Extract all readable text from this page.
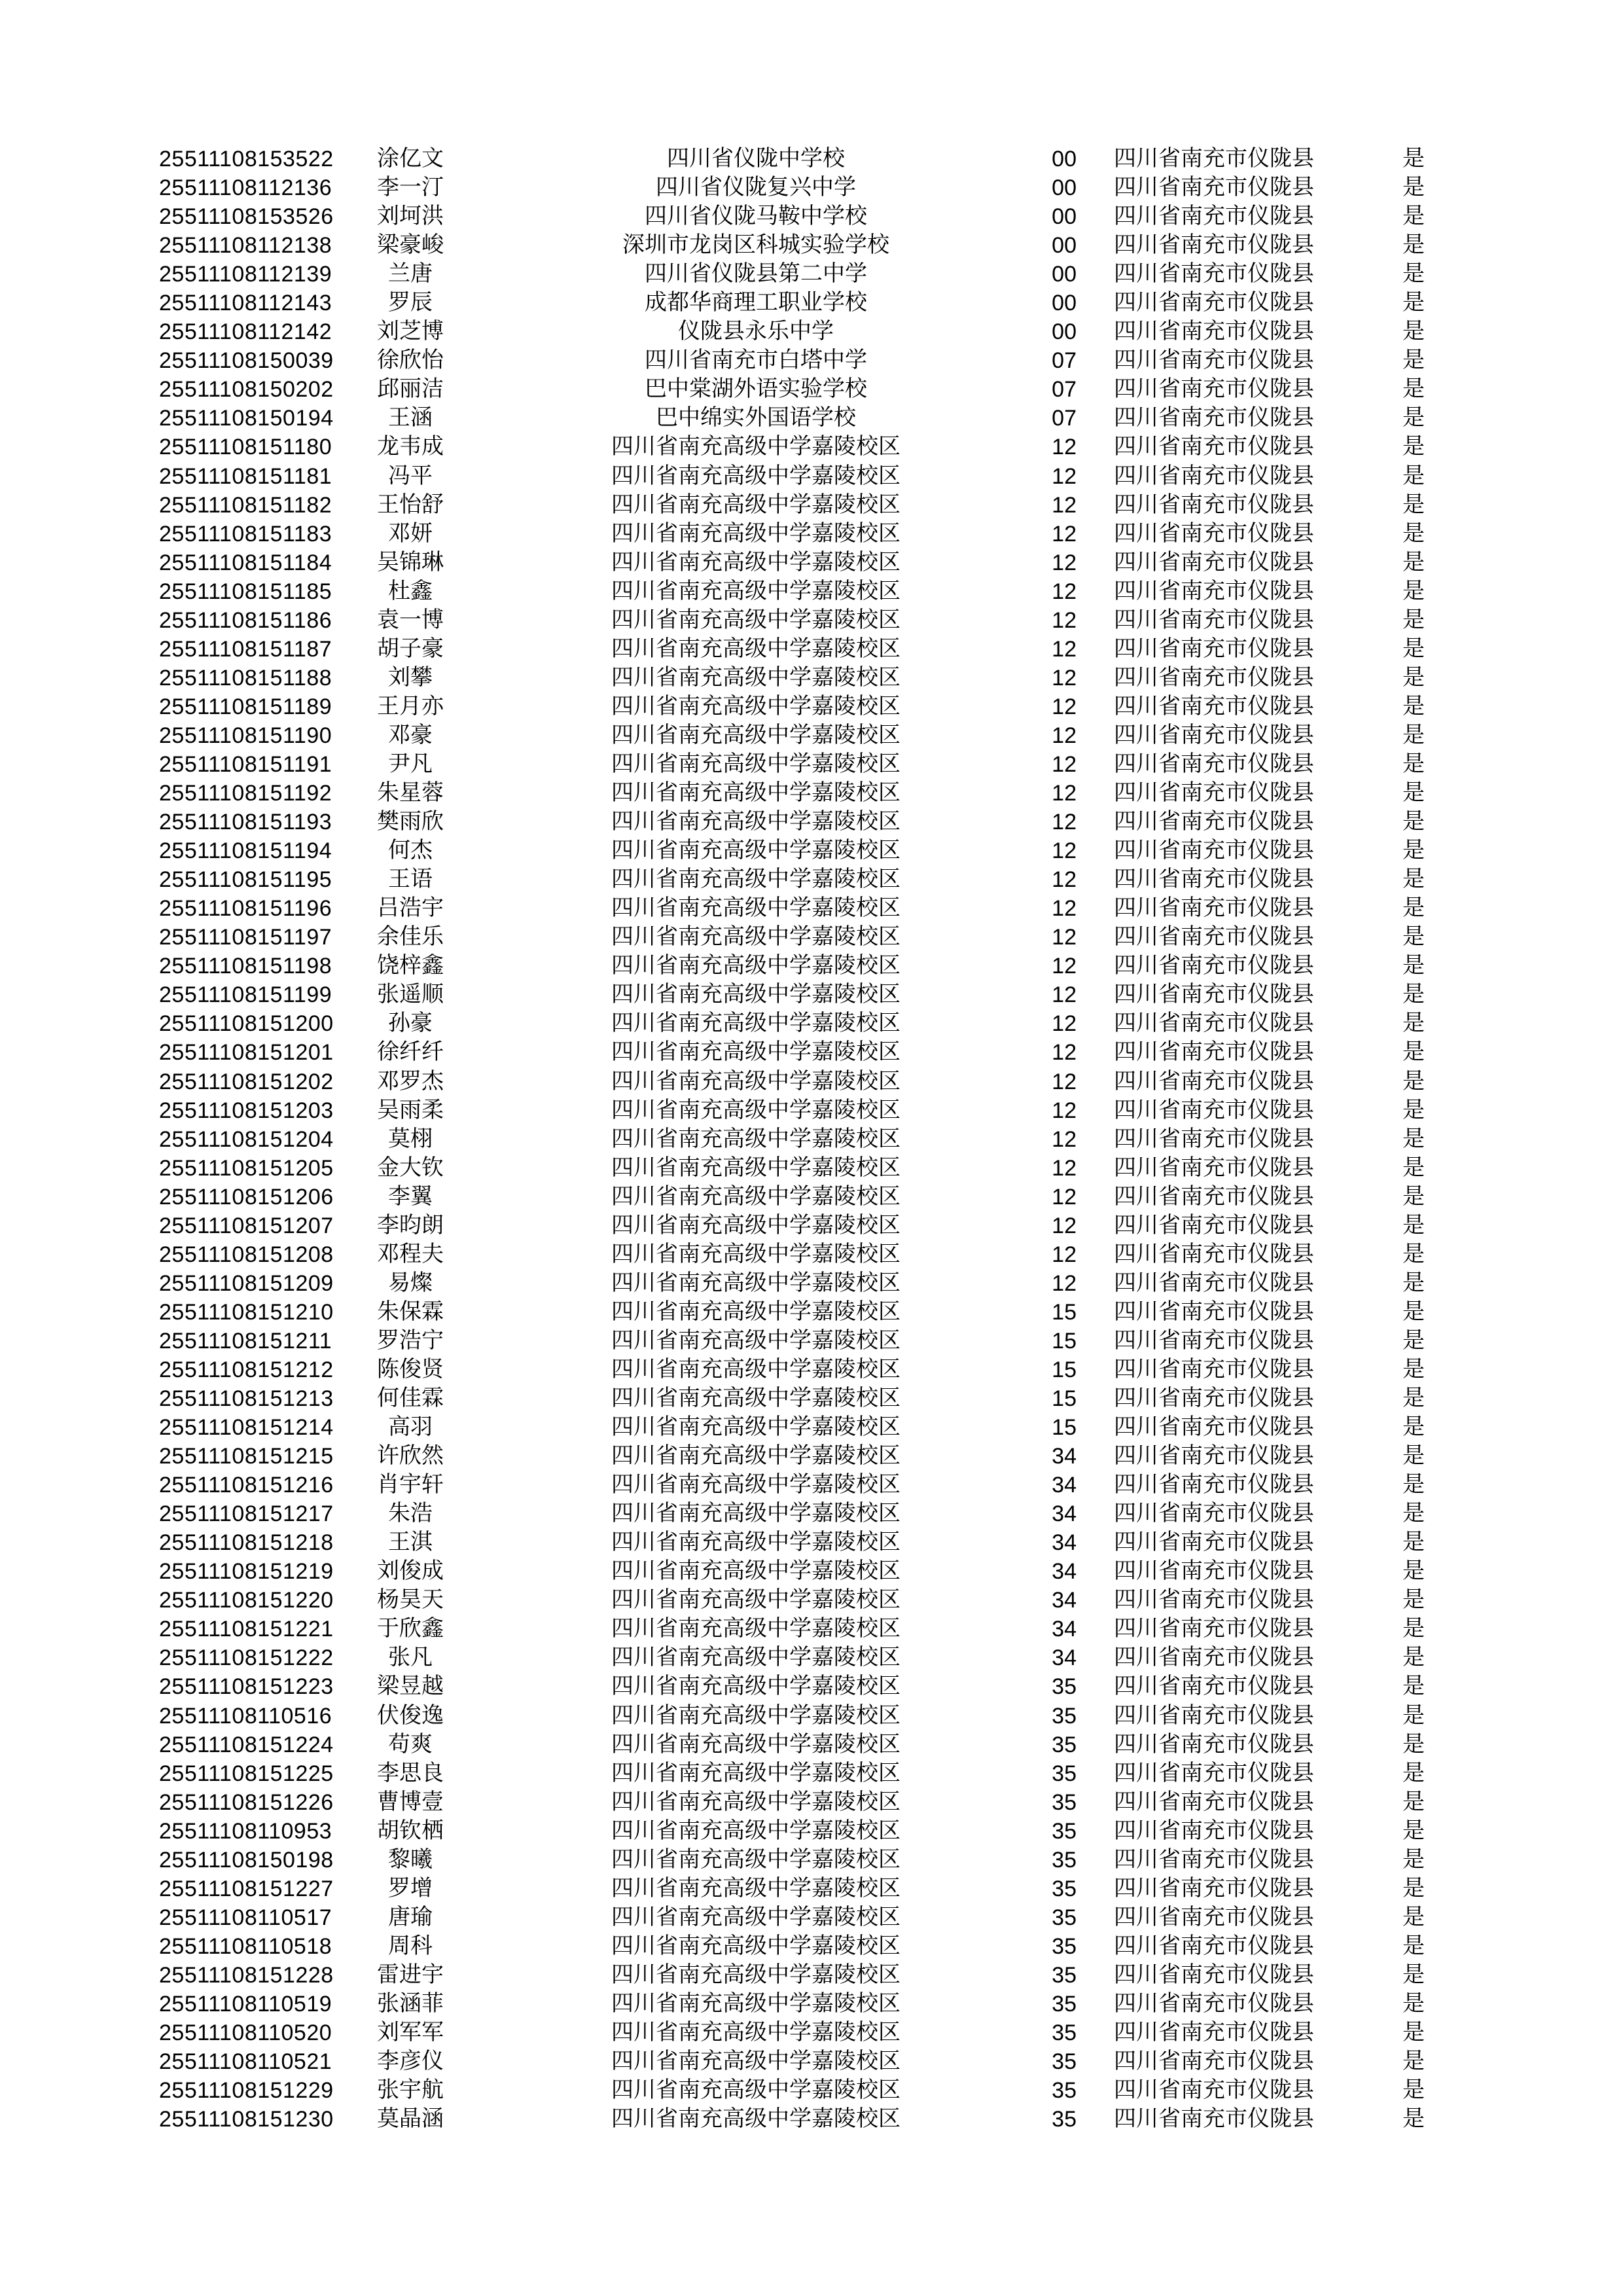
25511108153522	涂亿文	四川省仪陇中学校	00 四川省南充市仪陇县	是
25511108112136	李一汀	四川省仪陇复兴中学	00 四川省南充市仪陇县	是
25511108153526	刘坷洪	四川省仪陇马鞍中学校	00 四川省南充市仪陇县	是
25511108112138	梁豪峻	深圳市龙岗区科城实验学校	00 四川省南充市仪陇县	是
25511108112139	兰唐	四川省仪陇县第二中学	00 四川省南充市仪陇县	是
25511108112143	罗辰	成都华商理工职业学校	00 四川省南充市仪陇县	是
25511108112142	刘芝博	仪陇县永乐中学	00 四川省南充市仪陇县	是
25511108150039	徐欣怡	四川省南充市白塔中学	07 四川省南充市仪陇县	是
25511108150202	邱丽洁	巴中棠湖外语实验学校	07 四川省南充市仪陇县	是
25511108150194	王涵	巴中绵实外国语学校	07 四川省南充市仪陇县	是
25511108151180	龙韦成	四川省南充高级中学嘉陵校区	12 四川省南充市仪陇县	是
25511108151181	冯平	四川省南充高级中学嘉陵校区	12 四川省南充市仪陇县	是
25511108151182	王怡舒	四川省南充高级中学嘉陵校区	12 四川省南充市仪陇县	是
25511108151183	邓妍	四川省南充高级中学嘉陵校区	12 四川省南充市仪陇县	是
25511108151184	吴锦琳	四川省南充高级中学嘉陵校区	12 四川省南充市仪陇县	是
25511108151185	杜鑫	四川省南充高级中学嘉陵校区	12 四川省南充市仪陇县	是
25511108151186	袁一博	四川省南充高级中学嘉陵校区	12 四川省南充市仪陇县	是
25511108151187	胡子豪	四川省南充高级中学嘉陵校区	12 四川省南充市仪陇县	是
25511108151188	刘攀	四川省南充高级中学嘉陵校区	12 四川省南充市仪陇县	是
25511108151189	王月亦	四川省南充高级中学嘉陵校区	12 四川省南充市仪陇县	是
25511108151190	邓豪	四川省南充高级中学嘉陵校区	12 四川省南充市仪陇县	是
25511108151191	尹凡	四川省南充高级中学嘉陵校区	12 四川省南充市仪陇县	是
25511108151192	朱星蓉	四川省南充高级中学嘉陵校区	12 四川省南充市仪陇县	是
25511108151193	樊雨欣	四川省南充高级中学嘉陵校区	12 四川省南充市仪陇县	是
25511108151194	何杰	四川省南充高级中学嘉陵校区	12 四川省南充市仪陇县	是
25511108151195	王语	四川省南充高级中学嘉陵校区	12 四川省南充市仪陇县	是
25511108151196	吕浩宇	四川省南充高级中学嘉陵校区	12 四川省南充市仪陇县	是
25511108151197	余佳乐	四川省南充高级中学嘉陵校区	12 四川省南充市仪陇县	是
25511108151198	饶梓鑫	四川省南充高级中学嘉陵校区	12 四川省南充市仪陇县	是
25511108151199	张遥顺	四川省南充高级中学嘉陵校区	12 四川省南充市仪陇县	是
25511108151200	孙豪	四川省南充高级中学嘉陵校区	12 四川省南充市仪陇县	是
25511108151201	徐纤纤	四川省南充高级中学嘉陵校区	12 四川省南充市仪陇县	是
25511108151202	邓罗杰	四川省南充高级中学嘉陵校区	12 四川省南充市仪陇县	是
25511108151203	吴雨柔	四川省南充高级中学嘉陵校区	12 四川省南充市仪陇县	是
25511108151204	莫栩	四川省南充高级中学嘉陵校区	12 四川省南充市仪陇县	是
25511108151205	金大钦	四川省南充高级中学嘉陵校区	12 四川省南充市仪陇县	是
25511108151206	李翼	四川省南充高级中学嘉陵校区	12 四川省南充市仪陇县	是
25511108151207	李昀朗	四川省南充高级中学嘉陵校区	12 四川省南充市仪陇县	是
25511108151208	邓程夫	四川省南充高级中学嘉陵校区	12 四川省南充市仪陇县	是
25511108151209	易燦	四川省南充高级中学嘉陵校区	12 四川省南充市仪陇县	是
25511108151210	朱保霖	四川省南充高级中学嘉陵校区	15 四川省南充市仪陇县	是
25511108151211	罗浩宁	四川省南充高级中学嘉陵校区	15 四川省南充市仪陇县	是
25511108151212	陈俊贤	四川省南充高级中学嘉陵校区	15 四川省南充市仪陇县	是
25511108151213	何佳霖	四川省南充高级中学嘉陵校区	15 四川省南充市仪陇县	是
25511108151214	高羽	四川省南充高级中学嘉陵校区	15 四川省南充市仪陇县	是
25511108151215	许欣然	四川省南充高级中学嘉陵校区	34 四川省南充市仪陇县	是
25511108151216	肖宇轩	四川省南充高级中学嘉陵校区	34 四川省南充市仪陇县	是
25511108151217	朱浩	四川省南充高级中学嘉陵校区	34 四川省南充市仪陇县	是
25511108151218	王淇	四川省南充高级中学嘉陵校区	34 四川省南充市仪陇县	是
25511108151219	刘俊成	四川省南充高级中学嘉陵校区	34 四川省南充市仪陇县	是
25511108151220	杨昊天	四川省南充高级中学嘉陵校区	34 四川省南充市仪陇县	是
25511108151221	于欣鑫	四川省南充高级中学嘉陵校区	34 四川省南充市仪陇县	是
25511108151222	张凡	四川省南充高级中学嘉陵校区	34 四川省南充市仪陇县	是
25511108151223	梁昱越	四川省南充高级中学嘉陵校区	35 四川省南充市仪陇县	是
25511108110516	伏俊逸	四川省南充高级中学嘉陵校区	35 四川省南充市仪陇县	是
25511108151224	苟爽	四川省南充高级中学嘉陵校区	35 四川省南充市仪陇县	是
25511108151225	李思良	四川省南充高级中学嘉陵校区	35 四川省南充市仪陇县	是
25511108151226	曹博壹	四川省南充高级中学嘉陵校区	35 四川省南充市仪陇县	是
25511108110953	胡钦栖	四川省南充高级中学嘉陵校区	35 四川省南充市仪陇县	是
25511108150198	黎曦	四川省南充高级中学嘉陵校区	35 四川省南充市仪陇县	是
25511108151227	罗增	四川省南充高级中学嘉陵校区	35 四川省南充市仪陇县	是
25511108110517	唐瑜	四川省南充高级中学嘉陵校区	35 四川省南充市仪陇县	是
25511108110518	周科	四川省南充高级中学嘉陵校区	35 四川省南充市仪陇县	是
25511108151228	雷进宇	四川省南充高级中学嘉陵校区	35 四川省南充市仪陇县	是
25511108110519	张涵菲	四川省南充高级中学嘉陵校区	35 四川省南充市仪陇县	是
25511108110520	刘军军	四川省南充高级中学嘉陵校区	35 四川省南充市仪陇县	是
25511108110521	李彦仪	四川省南充高级中学嘉陵校区	35 四川省南充市仪陇县	是
25511108151229	张宇航	四川省南充高级中学嘉陵校区	35 四川省南充市仪陇县	是
25511108151230	莫晶涵	四川省南充高级中学嘉陵校区	35 四川省南充市仪陇县	是
